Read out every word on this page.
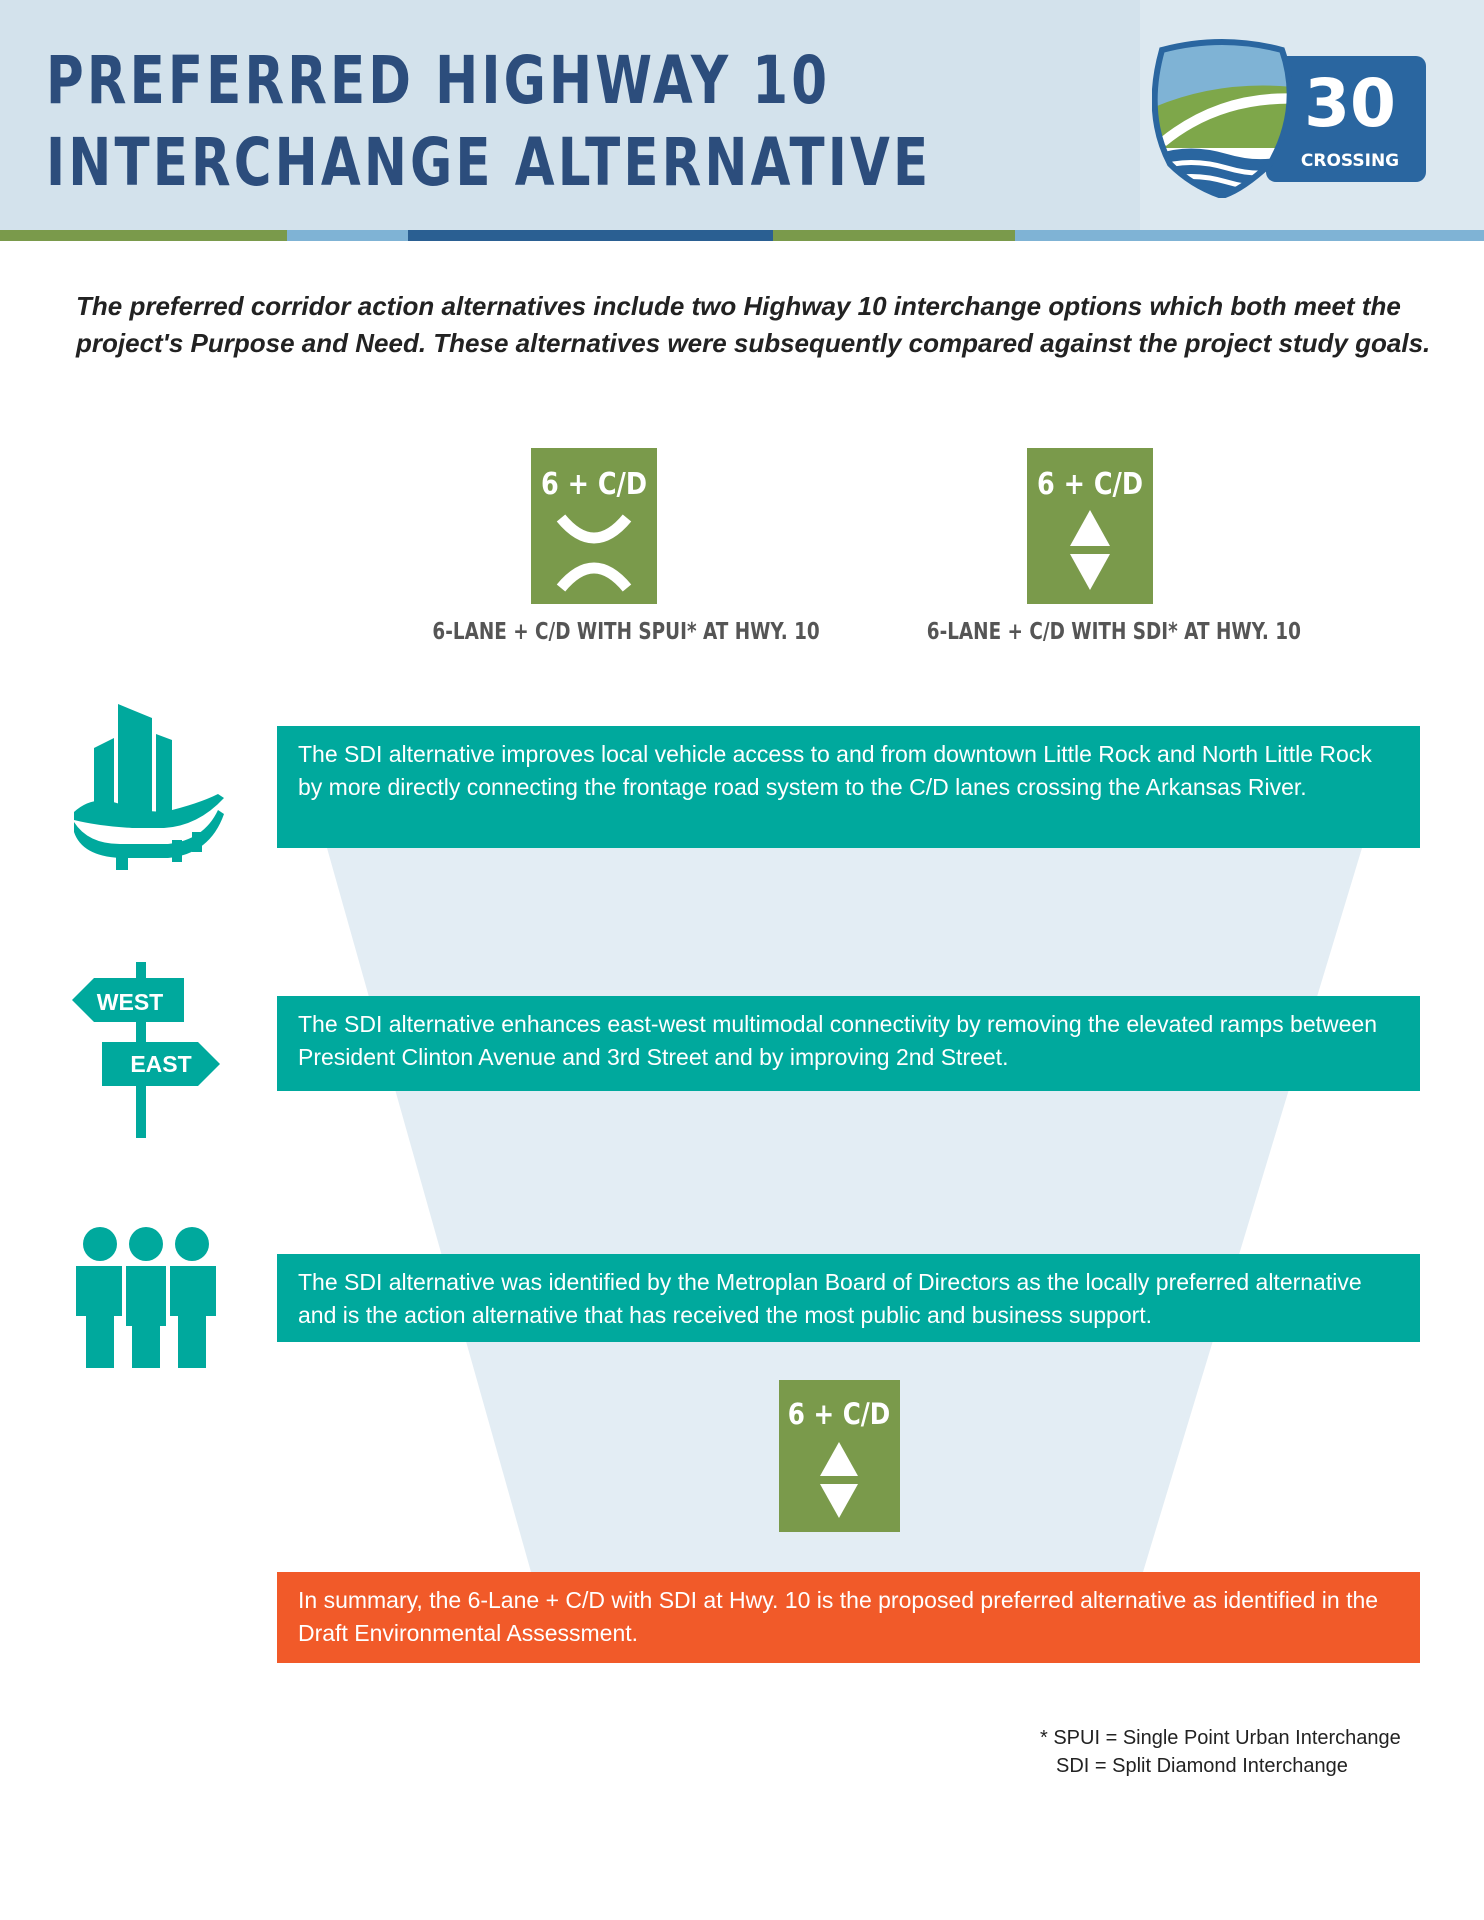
PREFERRED HIGHWAY 10
INTERCHANGE ALTERNATIVE
30
CROSSING

The preferred corridor action alternatives include two Highway 10 interchange options which both meet the project's Purpose and Need. These alternatives were subsequently compared against the project study goals.

6 + C/D	6 + C/D
6-LANE + C/D WITH SPUI* AT HWY. 10	6-LANE + C/D WITH SDI* AT HWY. 10
The SDI alternative improves local vehicle access to and from downtown Little Rock and North Little Rock by more directly connecting the frontage road system to the C/D lanes crossing the Arkansas River.
WEST
EAST
The SDI alternative enhances east-west multimodal connectivity by removing the elevated ramps between President Clinton Avenue and 3rd Street and by improving 2nd Street.
The SDI alternative was identified by the Metroplan Board of Directors as the locally preferred alternative and is the action alternative that has received the most public and business support.
6 + C/D
In summary, the 6-Lane + C/D with SDI at Hwy. 10 is the proposed preferred alternative as identified in the Draft Environmental Assessment.
* SPUI = Single Point Urban Interchange
SDI = Split Diamond Interchange
